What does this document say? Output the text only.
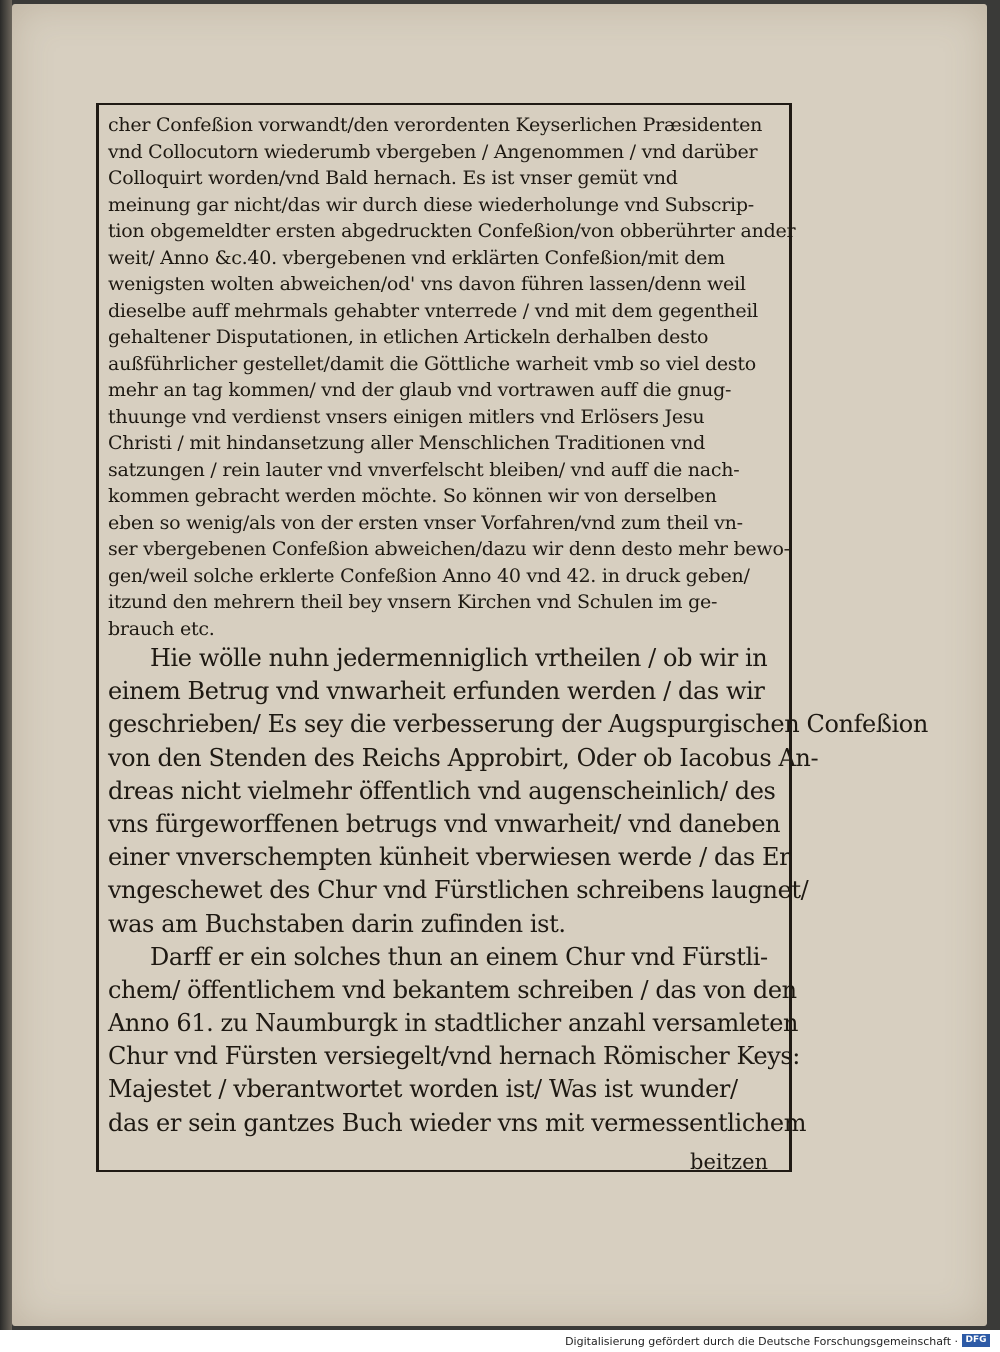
cher Confeßion vorwandt/den verordenten Keyserlichen Præsidenten
vnd Collocutorn wiederumb vbergeben / Angenommen / vnd darüber
Colloquirt worden/vnd Bald hernach. Es ist vnser gemüt vnd
meinung gar nicht/das wir durch diese wiederholunge vnd Subscrip-
tion obgemeldter ersten abgedruckten Confeßion/von obberührter ander
weit/ Anno &c.40. vbergebenen vnd erklärten Confeßion/mit dem
wenigsten wolten abweichen/od' vns davon führen lassen/denn weil
dieselbe auff mehrmals gehabter vnterrede / vnd mit dem gegentheil
gehaltener Disputationen, in etlichen Artickeln derhalben desto
außführlicher gestellet/damit die Göttliche warheit vmb so viel desto
mehr an tag kommen/ vnd der glaub vnd vortrawen auff die gnug-
thuunge vnd verdienst vnsers einigen mitlers vnd Erlösers Jesu
Christi / mit hindansetzung aller Menschlichen Traditionen vnd
satzungen / rein lauter vnd vnverfelscht bleiben/ vnd auff die nach-
kommen gebracht werden möchte. So können wir von derselben
eben so wenig/als von der ersten vnser Vorfahren/vnd zum theil vn-
ser vbergebenen Confeßion abweichen/dazu wir denn desto mehr bewo-
gen/weil solche erklerte Confeßion Anno 40 vnd 42. in druck geben/
itzund den mehrern theil bey vnsern Kirchen vnd Schulen im ge-
brauch etc.
Hie wölle nuhn jedermenniglich vrtheilen / ob wir in
einem Betrug vnd vnwarheit erfunden werden / das wir
geschrieben/ Es sey die verbesserung der Augspurgischen Confeßion
von den Stenden des Reichs Approbirt, Oder ob Iacobus An-
dreas nicht vielmehr öffentlich vnd augenscheinlich/ des
vns fürgeworffenen betrugs vnd vnwarheit/ vnd daneben
einer vnverschempten künheit vberwiesen werde / das Er
vngeschewet des Chur vnd Fürstlichen schreibens laugnet/
was am Buchstaben darin zufinden ist.
Darff er ein solches thun an einem Chur vnd Fürstli-
chem/ öffentlichem vnd bekantem schreiben / das von den
Anno 61. zu Naumburgk in stadtlicher anzahl versamleten
Chur vnd Fürsten versiegelt/vnd hernach Römischer Keys:
Majestet / vberantwortet worden ist/ Was ist wunder/
das er sein gantzes Buch wieder vns mit vermessentlichem
beitzen
Digitalisierung gefördert durch die Deutsche Forschungsgemeinschaft · DFG
